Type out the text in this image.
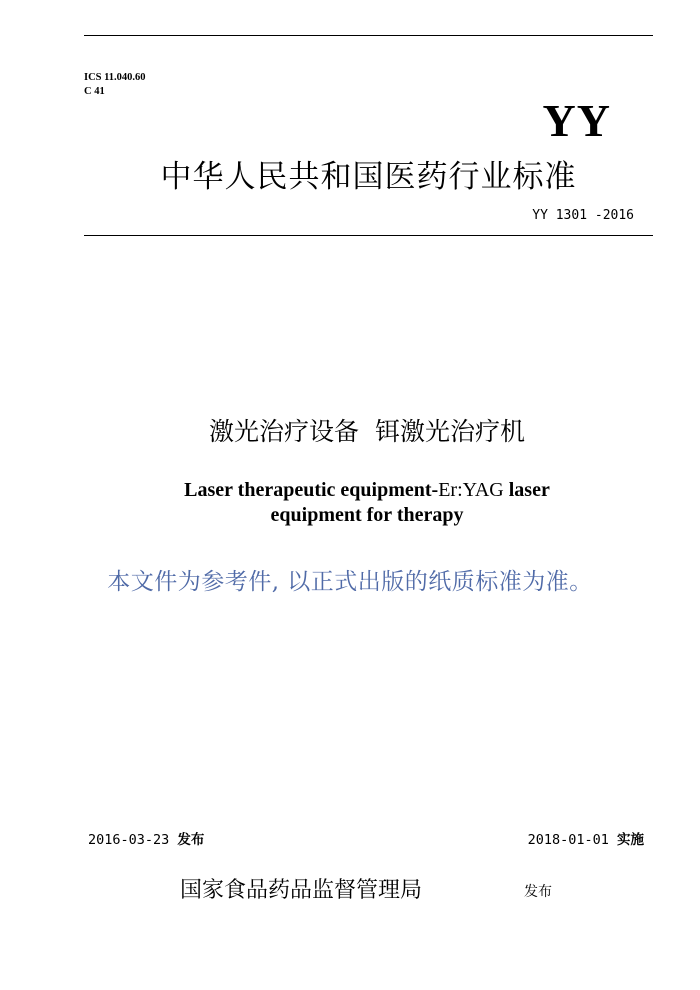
ICS 11.040.60
C 41
YY
中华人民共和国医药行业标准
YY 1301 -2016
激光治疗设备  铒激光治疗机
Laser therapeutic equipment-Er:YAG laser
equipment for therapy
本文件为参考件, 以正式出版的纸质标准为准。
2016-03-23 发布	2018-01-01 实施
国家食品药品监督管理局	发布
